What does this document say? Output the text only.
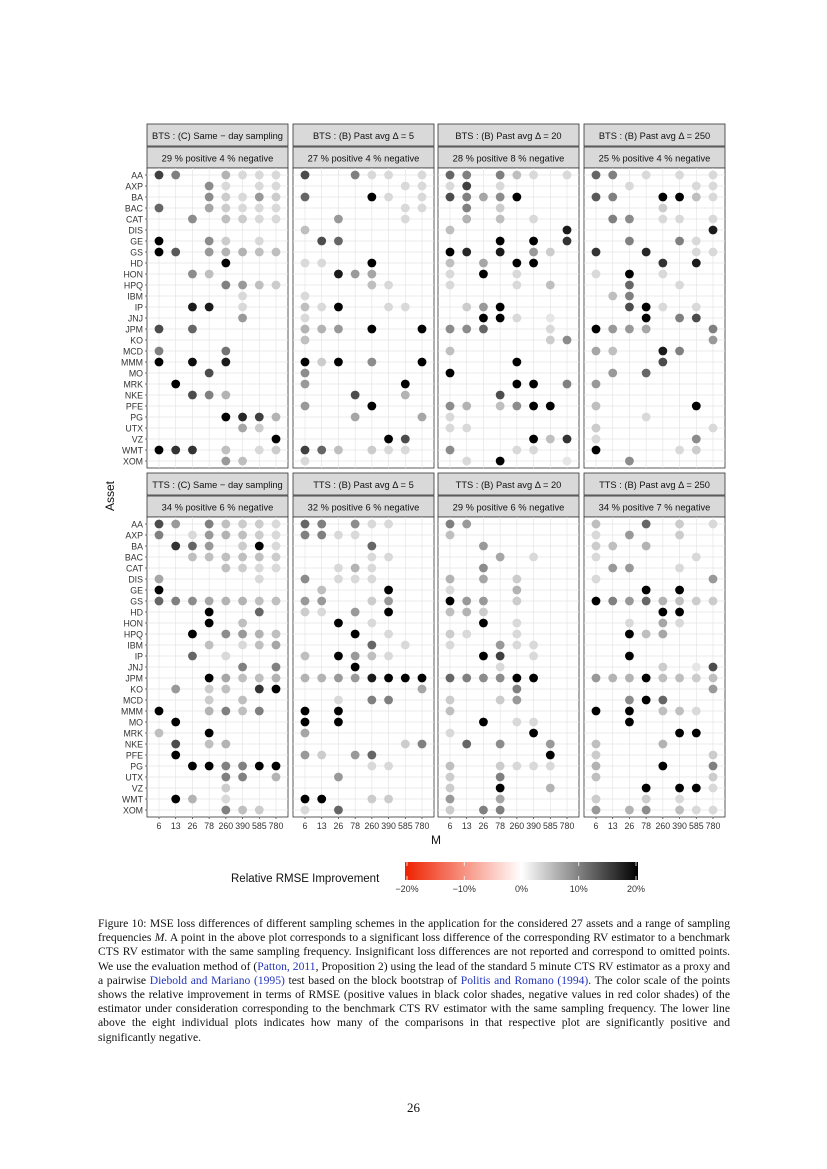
BTS : (C) Same − day sampling
29 % positive 4 % negative
AA
AXP
BA
BAC
CAT
DIS
GE
GS
HD
HON
HPQ
IBM
IP
JNJ
JPM
KO
MCD
MMM
MO
MRK
NKE
PFE
PG
UTX
VZ
WMT
XOM
BTS : (B) Past avg Δ = 5
27 % positive 4 % negative
BTS : (B) Past avg Δ = 20
28 % positive 8 % negative
BTS : (B) Past avg Δ = 250
25 % positive 4 % negative
TTS : (C) Same − day sampling
34 % positive 6 % negative
AA
AXP
BA
BAC
CAT
DIS
GE
GS
HD
HON
HPQ
IBM
IP
JNJ
JPM
KO
MCD
MMM
MO
MRK
NKE
PFE
PG
UTX
VZ
WMT
XOM
6 13 26 78 260 390 585 780
TTS : (B) Past avg Δ = 5
32 % positive 6 % negative
6 13 26 78 260 390 585 780
TTS : (B) Past avg Δ = 20
29 % positive 6 % negative
6 13 26 78 260 390 585 780
TTS : (B) Past avg Δ = 250
34 % positive 7 % negative
6 13 26 78 260 390 585 780
Asset
M
Relative RMSE Improvement
−20%	−10%	0%	10%	20%
Figure 10: MSE loss differences of different sampling schemes in the application for the considered 27 assets and a range of sampling frequencies M. A point in the above plot corresponds to a significant loss difference of the corresponding RV estimator to a benchmark CTS RV estimator with the same sampling frequency. Insignificant loss differences are not reported and correspond to omitted points. We use the evaluation method of (Patton, 2011, Proposition 2) using the lead of the standard 5 minute CTS RV estimator as a proxy and a pairwise Diebold and Mariano (1995) test based on the block bootstrap of Politis and Romano (1994). The color scale of the points shows the relative improvement in terms of RMSE (positive values in black color shades, negative values in red color shades) of the estimator under consideration corresponding to the benchmark CTS RV estimator with the same sampling frequency. The lower line above the eight individual plots indicates how many of the comparisons in that respective plot are significantly positive and significantly negative.
26
